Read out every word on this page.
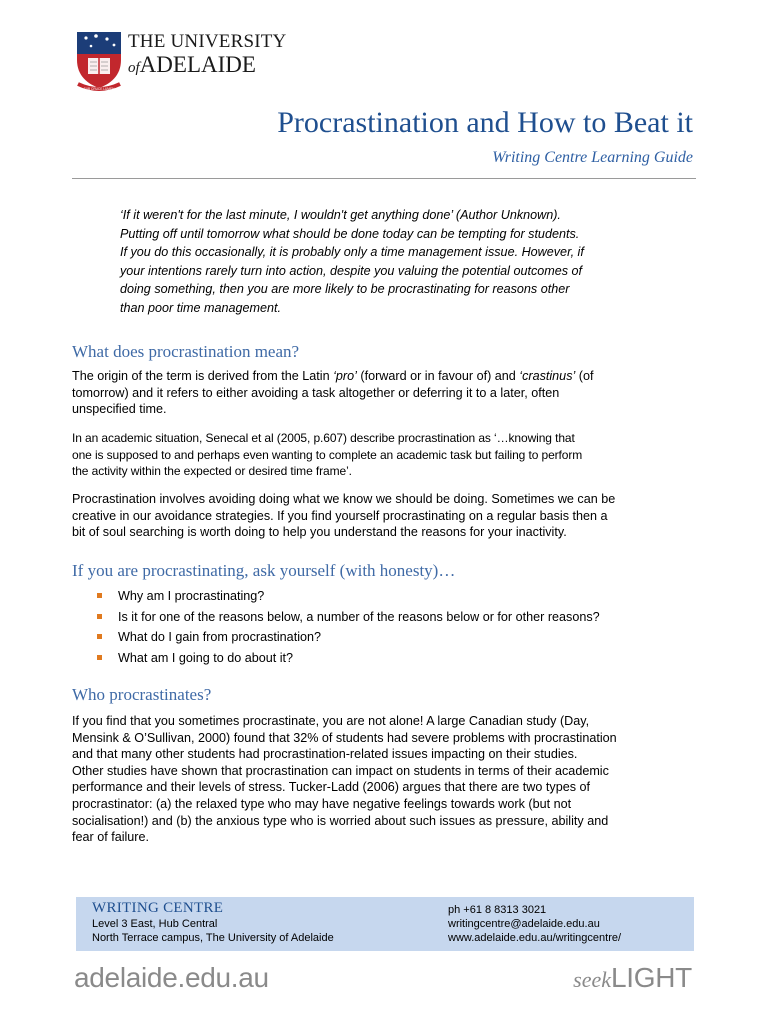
SUB CRUCE LUMEN
THE UNIVERSITY
ofADELAIDE
Procrastination and How to Beat it
Writing Centre Learning Guide
‘If it weren't for the last minute, I wouldn't get anything done’ (Author Unknown).
Putting off until tomorrow what should be done today can be tempting for students.
If you do this occasionally, it is probably only a time management issue. However, if
your intentions rarely turn into action, despite you valuing the potential outcomes of
doing something, then you are more likely to be procrastinating for reasons other
than poor time management.
What does procrastination mean?
The origin of the term is derived from the Latin ‘pro’ (forward or in favour of) and ‘crastinus’ (of
tomorrow) and it refers to either avoiding a task altogether or deferring it to a later, often
unspecified time.
In an academic situation, Senecal et al (2005, p.607) describe procrastination as ‘…knowing that
one is supposed to and perhaps even wanting to complete an academic task but failing to perform
the activity within the expected or desired time frame’.
Procrastination involves avoiding doing what we know we should be doing. Sometimes we can be
creative in our avoidance strategies. If you find yourself procrastinating on a regular basis then a
bit of soul searching is worth doing to help you understand the reasons for your inactivity.
If you are procrastinating, ask yourself (with honesty)…
Why am I procrastinating?
Is it for one of the reasons below, a number of the reasons below or for other reasons?
What do I gain from procrastination?
What am I going to do about it?
Who procrastinates?
If you find that you sometimes procrastinate, you are not alone! A large Canadian study (Day,
Mensink & O’Sullivan, 2000) found that 32% of students had severe problems with procrastination
and that many other students had procrastination-related issues impacting on their studies.
Other studies have shown that procrastination can impact on students in terms of their academic
performance and their levels of stress. Tucker-Ladd (2006) argues that there are two types of
procrastinator: (a) the relaxed type who may have negative feelings towards work (but not
socialisation!) and (b) the anxious type who is worried about such issues as pressure, ability and
fear of failure.
WRITING CENTRE
Level 3 East, Hub Central
North Terrace campus, The University of Adelaide
ph +61 8 8313 3021
writingcentre@adelaide.edu.au
www.adelaide.edu.au/writingcentre/
adelaide.edu.au	seekLIGHT
